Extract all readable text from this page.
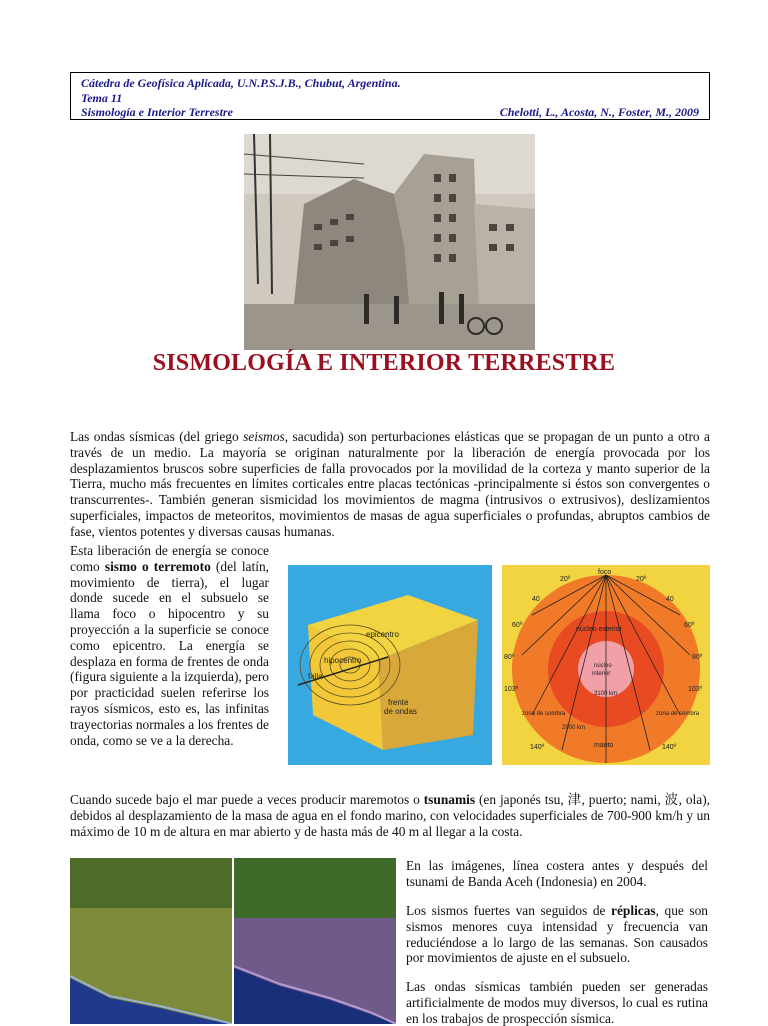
Cátedra de Geofísica Aplicada, U.N.P.S.J.B., Chubut, Argentina.
Tema 11
Sismología e Interior Terrestre	Chelotti, L., Acosta, N., Foster, M., 2009
SISMOLOGÍA E INTERIOR TERRESTRE

Las ondas sísmicas (del griego seismos, sacudida) son perturbaciones elásticas que se propagan de un punto a otro a través de un medio. La mayoría se originan naturalmente por la liberación de energía provocada por los desplazamientos bruscos sobre superficies de falla provocados por la movilidad de la corteza y manto superior de la Tierra, mucho más frecuentes en límites corticales entre placas tectónicas -principalmente si éstos son convergentes o transcurrentes-. También generan sismicidad los movimientos de magma (intrusivos o extrusivos), deslizamientos superficiales, impactos de meteoritos, movimientos de masas de agua superficiales o profundas, abruptos cambios de fase, vientos potentes y diversas causas humanas.

Esta liberación de energía se conoce como sismo o terremoto (del latín, movimiento de tierra), el lugar donde sucede en el subsuelo se llama foco o hipocentro y su proyección a la superficie se conoce como epicentro. La energía se desplaza en forma de frentes de onda (figura siguiente a la izquierda), pero por practicidad suelen referirse los rayos sísmicos, esto es, las infinitas trayectorias normales a los frentes de onda, como se ve a la derecha.

epicentro
hipocentro
falla
frente
de ondas
foco
20º	20º
40	40
60º	60º
80º	80º
103º	103º
140º	140º
núcleo exterior
núcleo
interior
manto
zona de sombra	zona de sombra
3100 km
2900 km

Cuando sucede bajo el mar puede a veces producir maremotos o tsunamis (en japonés tsu, 津, puerto; nami, 波, ola), debidos al desplazamiento de la masa de agua en el fondo marino, con velocidades superficiales de 700-900 km/h y un máximo de 10 m de altura en mar abierto y de hasta más de 40 m al llegar a la costa.

En las imágenes, línea costera antes y después del tsunami de Banda Aceh (Indonesia) en 2004.

Los sismos fuertes van seguidos de réplicas, que son sismos menores cuya intensidad y frecuencia van reduciéndose a lo largo de las semanas. Son causados por movimientos de ajuste en el subsuelo.

Las ondas sísmicas también pueden ser generadas artificialmente de modos muy diversos, lo cual es rutina en los trabajos de prospección sísmica.
